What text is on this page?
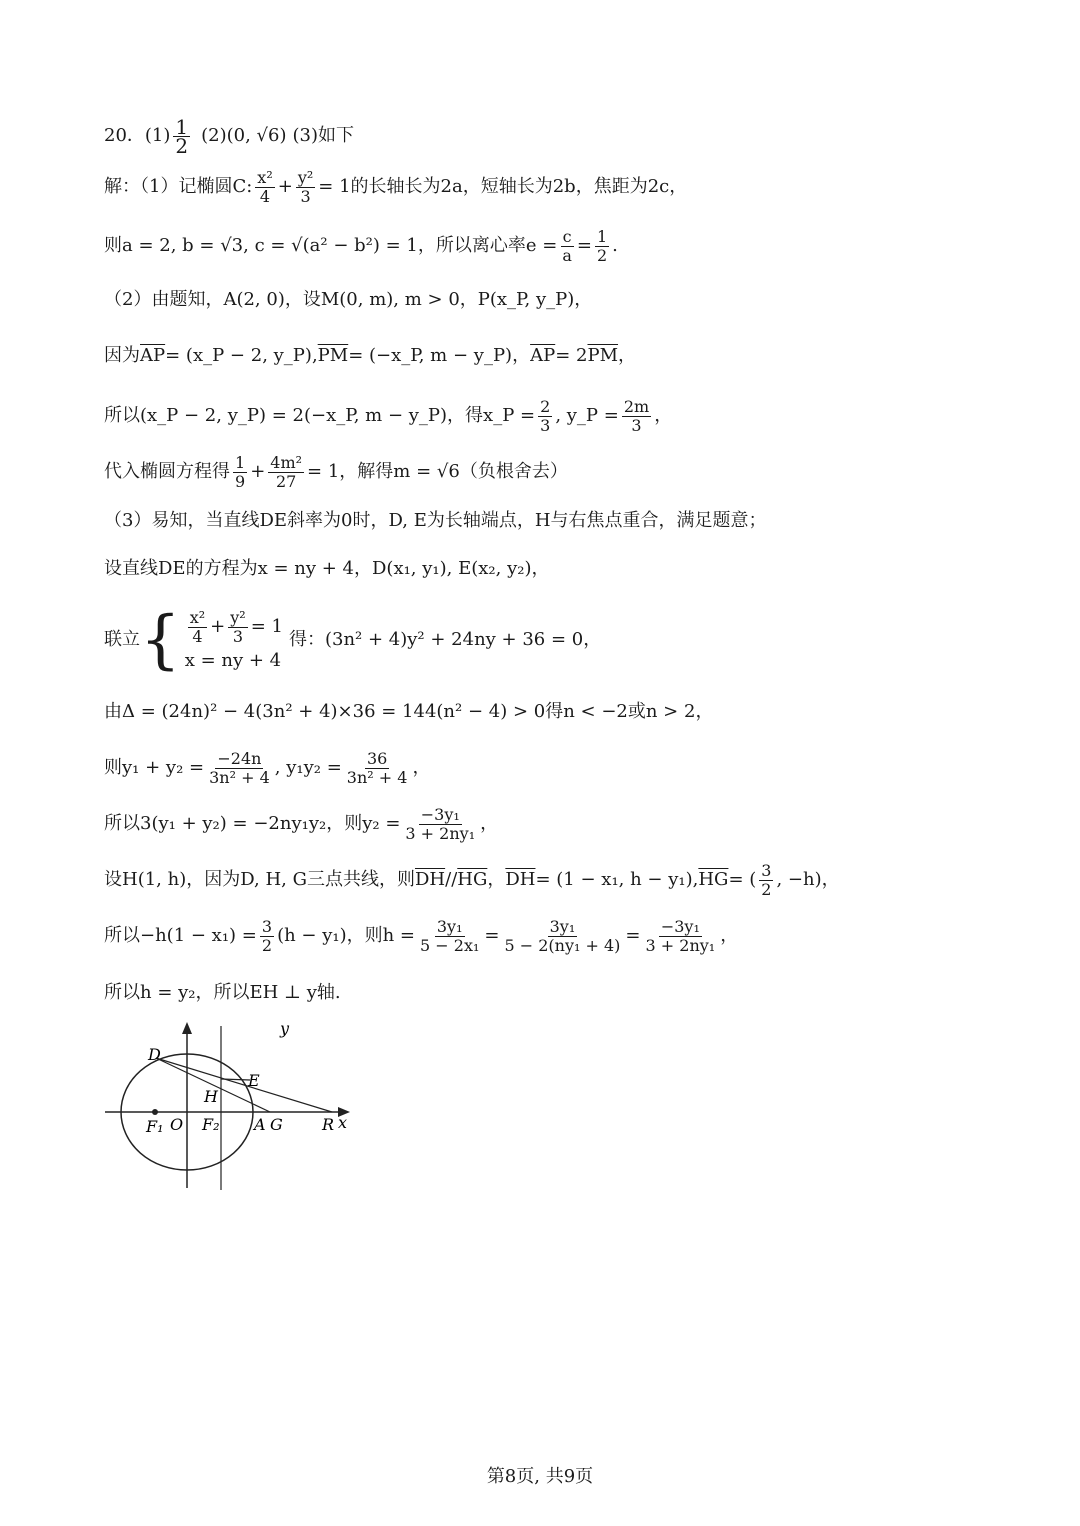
20．$(1) \frac{1}{2} (2)(0$, √6) (3)如下
解：（1）记椭圆C: $\frac{\text{x²}}{4} + \frac{\text{y²}}{3} = 1$的长轴长为2a，短轴长为2b，焦距为2c，
则a = 2, b = √3, c = √(a² − b²) = 1，所以离心率$e = \frac{c}{a} = \frac{1}{2}$ .
（2）由题知，A(2, 0)，设M(0, m), m > 0，P(x_P, y_P)，
因为 $\overline{AP}$ = (x_P − 2, y_P), $\overline{PM}$ = (−x_P, m − y_P)， $\overline{AP} = 2$ $\overline{PM}$ ，
所以(x_P − 2, y_P) = 2(−x_P, m − y_P)，得x_P = $\frac{2}{3}$ , y_P = $\frac{2m}{3}$ ，
代入椭圆方程得 $\frac{1}{9} + \frac{\text{4m²}}{27} = 1$，解得m = √6（负根舍去）
（3）易知，当直线DE斜率为0时，D, E为长轴端点，H与右焦点重合，满足题意；
设直线DE的方程为x = ny + 4，D(x₁, y₁), E(x₂, y₂)，
联立 { $\frac{\text{x²}}{4} + \frac{\text{y²}}{3} = 1$
x = ny + 4
得：(3n² + 4)y² + 24ny + 36 = 0，
由Δ = (24n)² − 4(3n² + 4)×36 = 144(n² − 4) > 0得n < −2或n > 2，
则$y_1 + y_2 = \frac{-24n}{\text{3n² + 4}}$ , $y_1y_2 = \frac{36}{\text{3n² + 4}}$ ，
所以3(y₁ + y₂) = −2ny₁y₂，则$y_2 = \frac{\text{−3y₁}}{\text{3 + 2ny₁}}$ ，
设H(1, h)，因为D, H, G三点共线，则 $\overline{DH} // \overline{HG}$ ， $\overline{DH} = (1 - x_1$, h − y₁), $\overline{HG}$ = ( $\frac{3}{2}$ , −h)，
所以$-h(1 - x_1) = \frac{3}{2} (h - y_1)$，则$h = \frac{\text{3y₁}}{\text{5 − 2x₁}} = \frac{\text{3y₁}}{\text{5 − 2(ny₁ + 4)}} = \frac{\text{−3y₁}}{\text{3 + 2ny₁}}$ ，
所以h = y₂，所以EH ⊥ y轴.
y
x
D
E
H
F₁ O F₂ A G R
第8页, 共9页
